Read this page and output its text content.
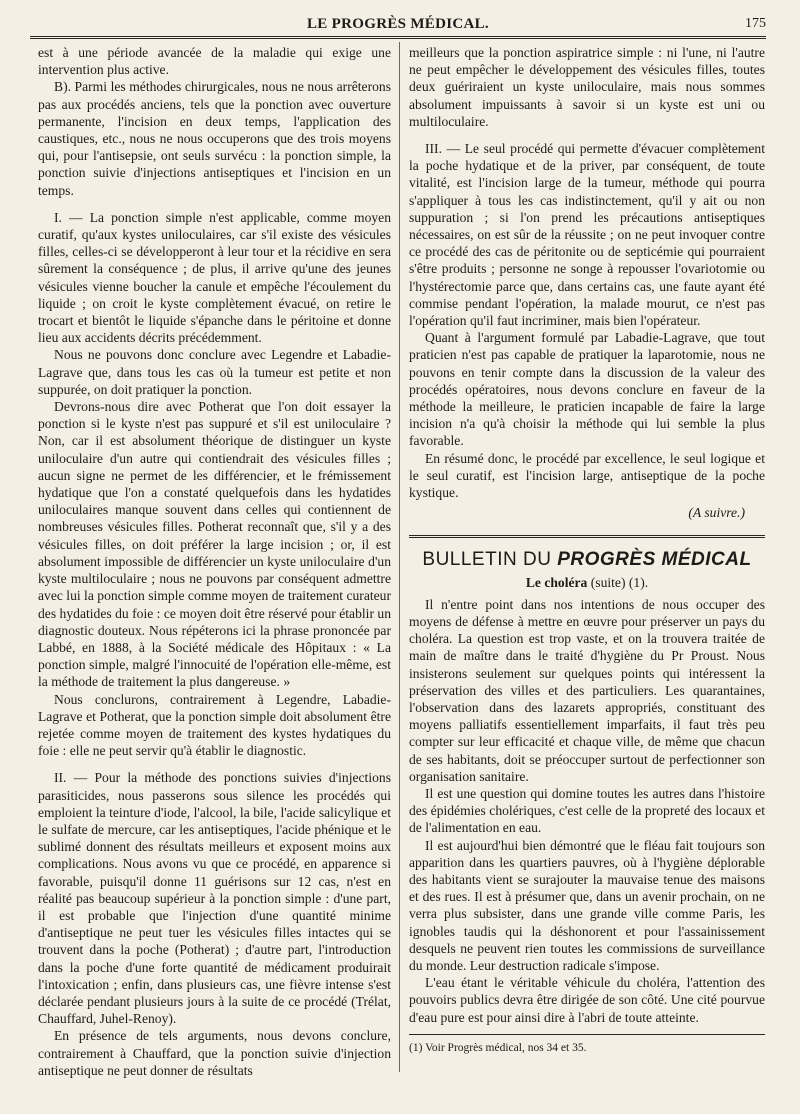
LE PROGRÈS MÉDICAL.	175

est à une période avancée de la maladie qui exige une intervention plus active.

B). Parmi les méthodes chirurgicales, nous ne nous arrêterons pas aux procédés anciens, tels que la ponction avec ouverture permanente, l'incision en deux temps, l'application des caustiques, etc., nous ne nous occuperons que des trois moyens qui, pour l'antisepsie, ont seuls survécu : la ponction simple, la ponction suivie d'injections antiseptiques et l'incision en un temps.

I. — La ponction simple n'est applicable, comme moyen curatif, qu'aux kystes uniloculaires, car s'il existe des vésicules filles, celles-ci se développeront à leur tour et la récidive en sera sûrement la conséquence ; de plus, il arrive qu'une des jeunes vésicules vienne boucher la canule et empêche l'écoulement du liquide ; on croit le kyste complètement évacué, on retire le trocart et bientôt le liquide s'épanche dans le péritoine et donne lieu aux accidents décrits précédemment.

Nous ne pouvons donc conclure avec Legendre et Labadie-Lagrave que, dans tous les cas où la tumeur est petite et non suppurée, on doit pratiquer la ponction.

Devrons-nous dire avec Potherat que l'on doit essayer la ponction si le kyste n'est pas suppuré et s'il est uniloculaire ? Non, car il est absolument théorique de distinguer un kyste uniloculaire d'un autre qui contiendrait des vésicules filles ; aucun signe ne permet de les différencier, et le frémissement hydatique que l'on a constaté quelquefois dans les hydatides uniloculaires manque souvent dans celles qui contiennent de nombreuses vésicules filles. Potherat reconnaît que, s'il y a des vésicules filles, on doit préférer la large incision ; or, il est absolument impossible de différencier un kyste uniloculaire d'un kyste multiloculaire ; nous ne pouvons par conséquent admettre avec lui la ponction simple comme moyen de traitement curateur des hydatides du foie : ce moyen doit être réservé pour établir un diagnostic douteux. Nous répéterons ici la phrase prononcée par Labbé, en 1888, à la Société médicale des Hôpitaux : « La ponction simple, malgré l'innocuité de l'opération elle-même, est la méthode de traitement la plus dangereuse. »

Nous conclurons, contrairement à Legendre, Labadie-Lagrave et Potherat, que la ponction simple doit absolument être rejetée comme moyen de traitement des kystes hydatiques du foie : elle ne peut servir qu'à établir le diagnostic.

II. — Pour la méthode des ponctions suivies d'injections parasiticides, nous passerons sous silence les procédés qui emploient la teinture d'iode, l'alcool, la bile, l'acide salicylique et le sulfate de mercure, car les antiseptiques, l'acide phénique et le sublimé donnent des résultats meilleurs et exposent moins aux complications. Nous avons vu que ce procédé, en apparence si favorable, puisqu'il donne 11 guérisons sur 12 cas, n'est en réalité pas beaucoup supérieur à la ponction simple : d'une part, il est probable que l'injection d'une quantité minime d'antiseptique ne peut tuer les vésicules filles intactes qui se trouvent dans la poche (Potherat) ; d'autre part, l'introduction dans la poche d'une forte quantité de médicament produirait l'intoxication ; enfin, dans plusieurs cas, une fièvre intense s'est déclarée pendant plusieurs jours à la suite de ce procédé (Trélat, Chauffard, Juhel-Renoy).

En présence de tels arguments, nous devons conclure, contrairement à Chauffard, que la ponction suivie d'injection antiseptique ne peut donner de résultats

meilleurs que la ponction aspiratrice simple : ni l'une, ni l'autre ne peut empêcher le développement des vésicules filles, toutes deux guériraient un kyste uniloculaire, mais nous sommes absolument impuissants à savoir si un kyste est uni ou multiloculaire.

III. — Le seul procédé qui permette d'évacuer complètement la poche hydatique et de la priver, par conséquent, de toute vitalité, est l'incision large de la tumeur, méthode qui pourra s'appliquer à tous les cas indistinctement, qu'il y ait ou non suppuration ; si l'on prend les précautions antiseptiques nécessaires, on est sûr de la réussite ; on ne peut invoquer contre ce procédé des cas de péritonite ou de septicémie qui pourraient s'être produits ; personne ne songe à repousser l'ovariotomie ou l'hystérectomie parce que, dans certains cas, une faute ayant été commise pendant l'opération, la malade mourut, ce n'est pas l'opération qu'il faut incriminer, mais bien l'opérateur.

Quant à l'argument formulé par Labadie-Lagrave, que tout praticien n'est pas capable de pratiquer la laparotomie, nous ne pouvons en tenir compte dans la discussion de la valeur des procédés opératoires, nous devons conclure en faveur de la méthode la meilleure, le praticien incapable de faire la large incision n'a qu'à choisir la méthode qui lui semble la plus favorable.

En résumé donc, le procédé par excellence, le seul logique et le seul curatif, est l'incision large, antiseptique de la poche kystique.

(A suivre.)
BULLETIN DU PROGRÈS MÉDICAL
Le choléra (suite) (1).

Il n'entre point dans nos intentions de nous occuper des moyens de défense à mettre en œuvre pour préserver un pays du choléra. La question est trop vaste, et on la trouvera traitée de main de maître dans le traité d'hygiène du Pr Proust. Nous insisterons seulement sur quelques points qui intéressent la préservation des villes et des particuliers. Les quarantaines, l'observation dans des lazarets appropriés, constituant des moyens palliatifs essentiellement imparfaits, il faut très peu compter sur leur efficacité et chaque ville, de même que chacun de ses habitants, doit se préoccuper surtout de perfectionner son organisation sanitaire.

Il est une question qui domine toutes les autres dans l'histoire des épidémies cholériques, c'est celle de la propreté des locaux et de l'alimentation en eau.

Il est aujourd'hui bien démontré que le fléau fait toujours son apparition dans les quartiers pauvres, où à l'hygiène déplorable des habitants vient se surajouter la mauvaise tenue des maisons et des rues. Il est à présumer que, dans un avenir prochain, on ne verra plus subsister, dans une grande ville comme Paris, les ignobles taudis qui la déshonorent et pour l'assainissement desquels ne peuvent rien toutes les commissions de surveillance du monde. Leur destruction radicale s'impose.

L'eau étant le véritable véhicule du choléra, l'attention des pouvoirs publics devra être dirigée de son côté. Une cité pourvue d'eau pure est pour ainsi dire à l'abri de toute atteinte.

(1) Voir Progrès médical, nos 34 et 35.
